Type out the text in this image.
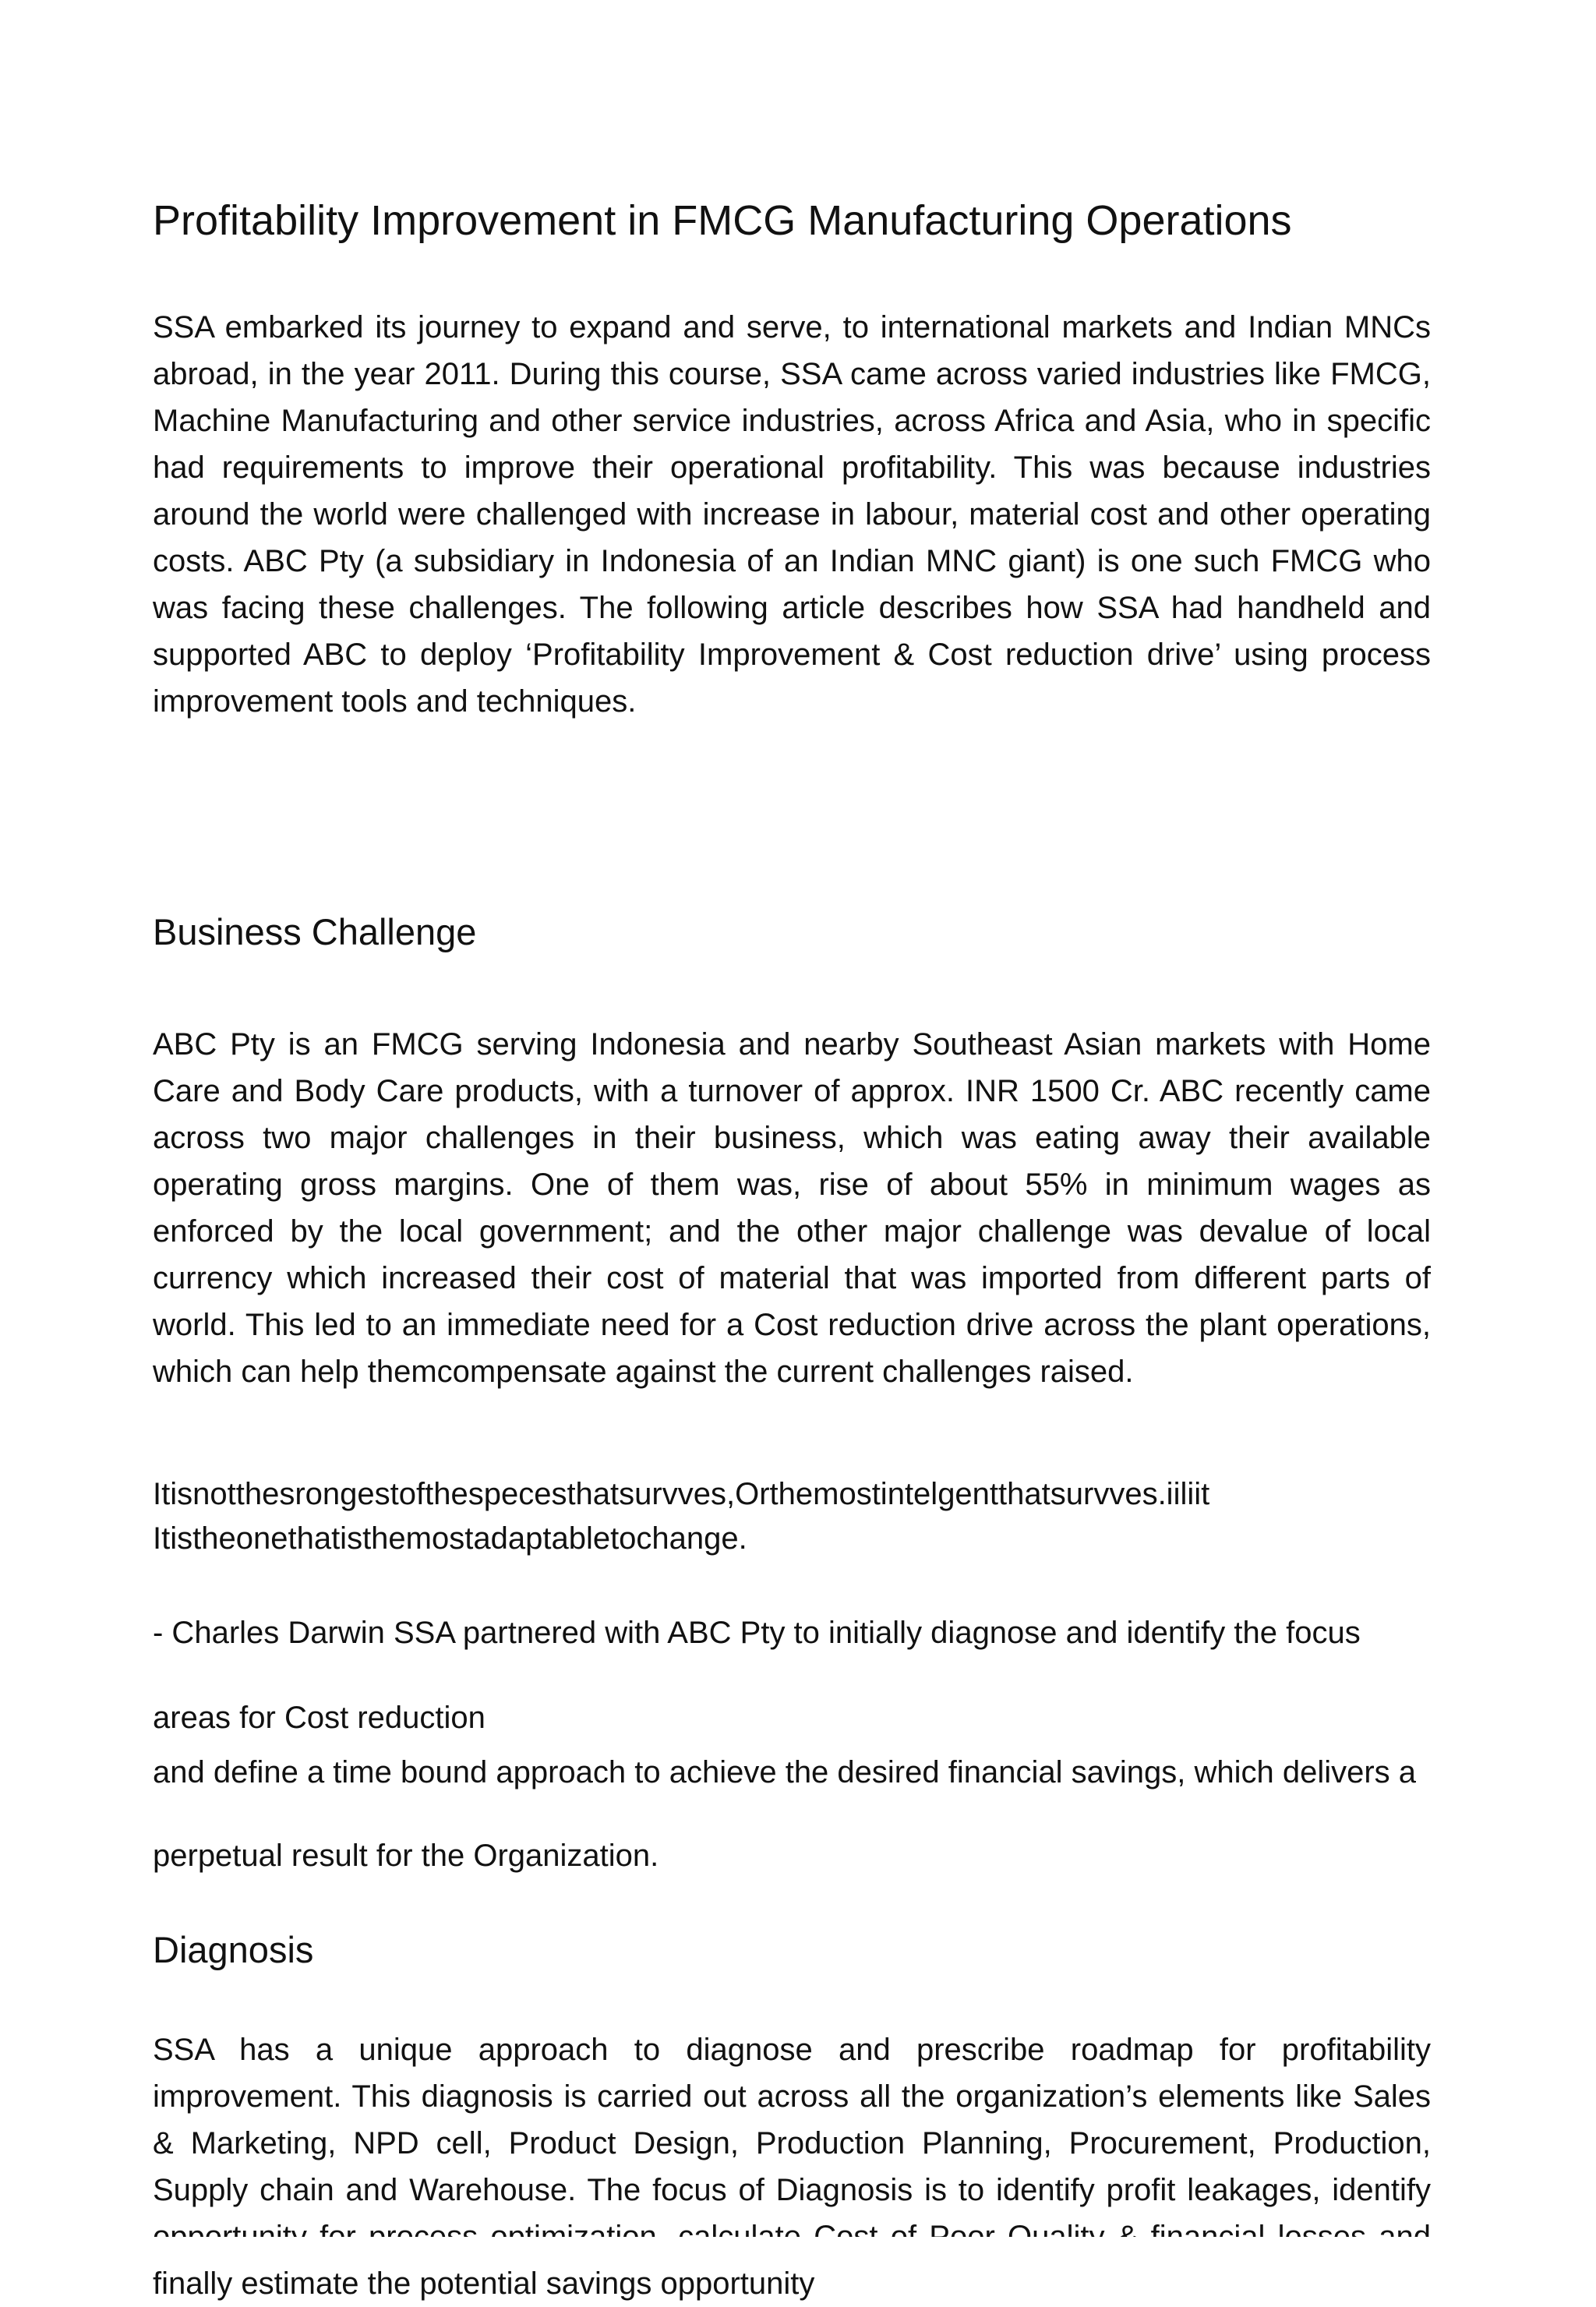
Profitability Improvement in FMCG Manufacturing Operations

SSA embarked its journey to expand and serve, to international markets and Indian MNCs abroad, in the year 2011. During this course, SSA came across varied industries like FMCG, Machine Manufacturing and other service industries, across Africa and Asia, who in specific had requirements to improve their operational profitability. This was because industries around the world were challenged with increase in labour, material cost and other operating costs. ABC Pty (a subsidiary in Indonesia of an Indian MNC giant) is one such FMCG who was facing these challenges. The following article describes how SSA had handheld and supported ABC to deploy ‘Profitability Improvement & Cost reduction drive’ using process improvement tools and techniques.

Business Challenge

ABC Pty is an FMCG serving Indonesia and nearby Southeast Asian markets with Home Care and Body Care products, with a turnover of approx. INR 1500 Cr. ABC recently came across two major challenges in their business, which was eating away their available operating gross margins. One of them was, rise of about 55% in minimum wages as enforced by the local government; and the other major challenge was devalue of local currency which increased their cost of material that was imported from different parts of world. This led to an immediate need for a Cost reduction drive across the plant operations, which can help themcompensate against the current challenges raised.

Itisnotthesrongestofthespecesthatsurvves,Orthemostintelgentthatsurvves.iiliit

Itistheonethatisthemostadaptabletochange.

- Charles Darwin SSA partnered with ABC Pty to initially diagnose and identify the focus

areas for Cost reduction

and define a time bound approach to achieve the desired financial savings, which delivers a

perpetual result for the Organization.

Diagnosis

SSA has a unique approach to diagnose and prescribe roadmap for profitability improvement. This diagnosis is carried out across all the organization’s elements like Sales & Marketing, NPD cell, Product Design, Production Planning, Procurement, Production, Supply chain and Warehouse. The focus of Diagnosis is to identify profit leakages, identify finally estimate the potential savings opportunity
